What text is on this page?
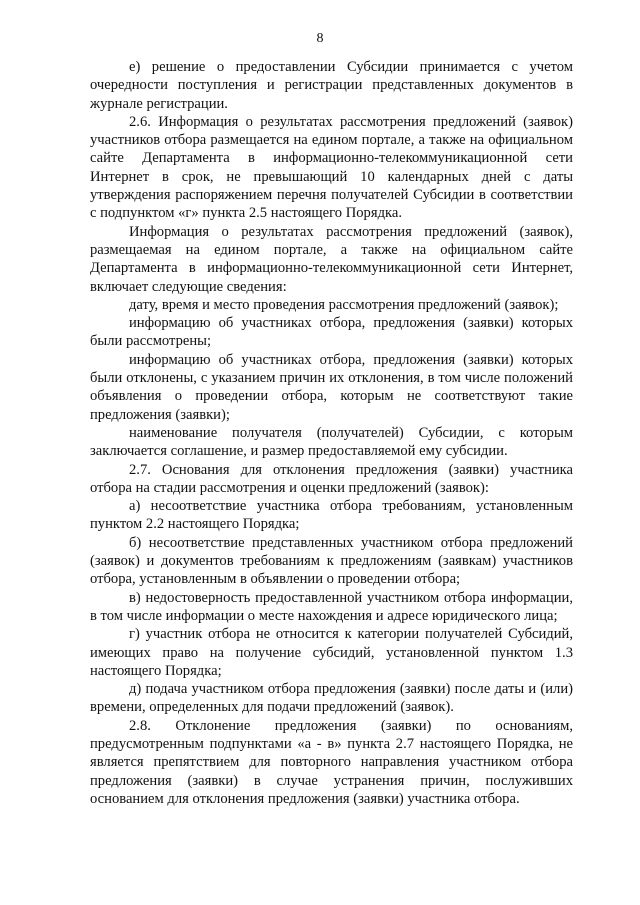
8

е) решение о предоставлении Субсидии принимается с учетом очередности поступления и регистрации представленных документов в журнале регистрации.

2.6. Информация о результатах рассмотрения предложений (заявок) участников отбора размещается на едином портале, а также на официальном сайте Департамента в информационно-телекоммуникационной сети Интернет в срок, не превышающий 10 календарных дней с даты утверждения распоряжением перечня получателей Субсидии в соответствии с подпунктом «г» пункта 2.5 настоящего Порядка.

Информация о результатах рассмотрения предложений (заявок), размещаемая на едином портале, а также на официальном сайте Департамента в информационно-телекоммуникационной сети Интернет, включает следующие сведения:

дату, время и место проведения рассмотрения предложений (заявок);

информацию об участниках отбора, предложения (заявки) которых были рассмотрены;

информацию об участниках отбора, предложения (заявки) которых были отклонены, с указанием причин их отклонения, в том числе положений объявления о проведении отбора, которым не соответствуют такие предложения (заявки);

наименование получателя (получателей) Субсидии, с которым заключается соглашение, и размер предоставляемой ему субсидии.

2.7. Основания для отклонения предложения (заявки) участника отбора на стадии рассмотрения и оценки предложений (заявок):

а) несоответствие участника отбора требованиям, установленным пунктом 2.2 настоящего Порядка;

б) несоответствие представленных участником отбора предложений (заявок) и документов требованиям к предложениям (заявкам) участников отбора, установленным в объявлении о проведении отбора;

в) недостоверность предоставленной участником отбора информации, в том числе информации о месте нахождения и адресе юридического лица;

г) участник отбора не относится к категории получателей Субсидий, имеющих право на получение субсидий, установленной пунктом 1.3 настоящего Порядка;

д) подача участником отбора предложения (заявки) после даты и (или) времени, определенных для подачи предложений (заявок).

2.8. Отклонение предложения (заявки) по основаниям, предусмотренным подпунктами «а - в» пункта 2.7 настоящего Порядка, не является препятствием для повторного направления участником отбора предложения (заявки) в случае устранения причин, послуживших основанием для отклонения предложения (заявки) участника отбора.
